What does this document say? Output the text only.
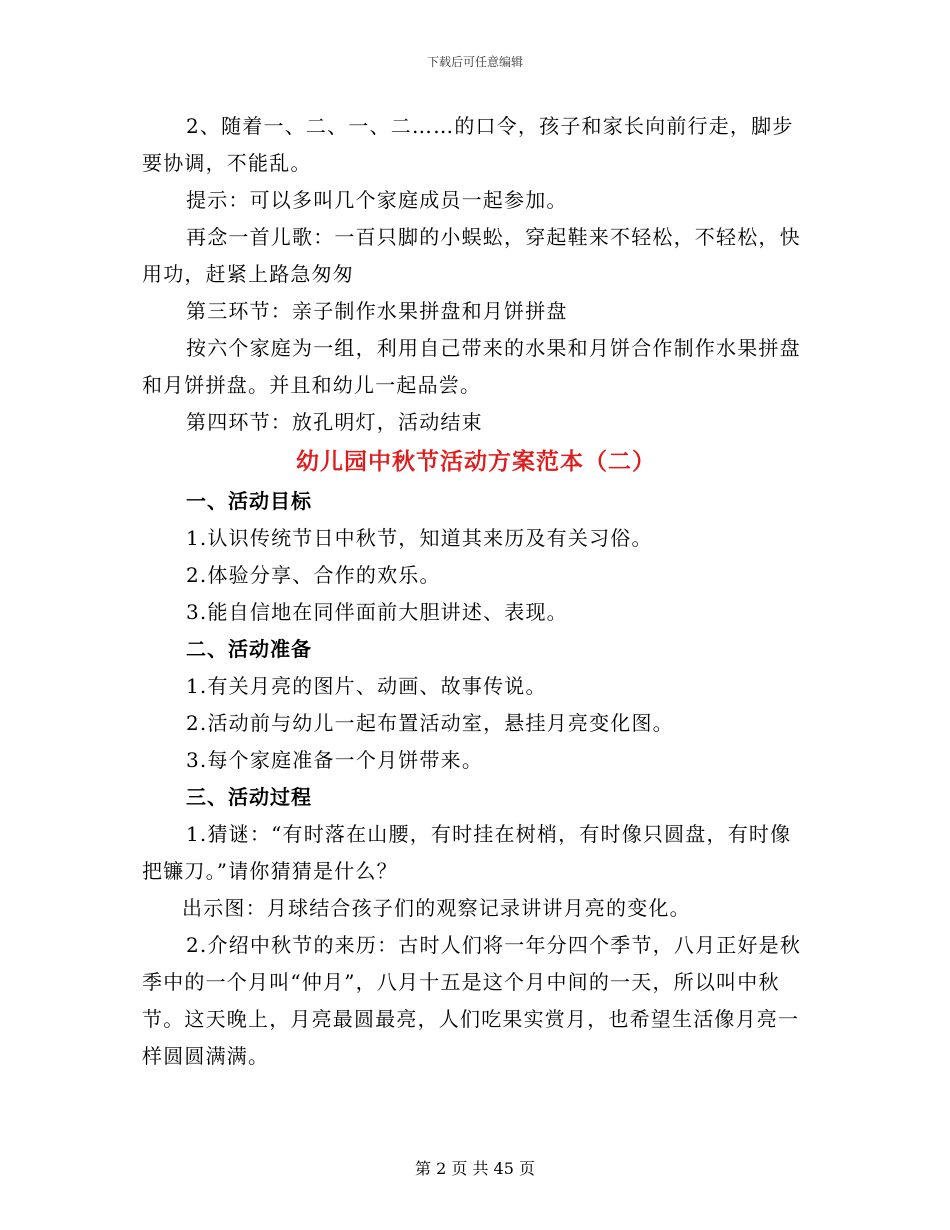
下载后可任意编辑

2、随着一、二、一、二……的口令，孩子和家长向前行走，脚步要协调，不能乱。

提示：可以多叫几个家庭成员一起参加。

再念一首儿歌：一百只脚的小蜈蚣，穿起鞋来不轻松，不轻松，快用功，赶紧上路急匆匆

第三环节：亲子制作水果拼盘和月饼拼盘

按六个家庭为一组，利用自己带来的水果和月饼合作制作水果拼盘和月饼拼盘。并且和幼儿一起品尝。

第四环节：放孔明灯，活动结束

幼儿园中秋节活动方案范本（二）
一、活动目标

1.认识传统节日中秋节，知道其来历及有关习俗。

2.体验分享、合作的欢乐。

3.能自信地在同伴面前大胆讲述、表现。

二、活动准备

1.有关月亮的图片、动画、故事传说。

2.活动前与幼儿一起布置活动室，悬挂月亮变化图。

3.每个家庭准备一个月饼带来。

三、活动过程

1.猜谜：“有时落在山腰，有时挂在树梢，有时像只圆盘，有时像把镰刀。”请你猜猜是什么？

出示图：月球结合孩子们的观察记录讲讲月亮的变化。

2.介绍中秋节的来历：古时人们将一年分四个季节，八月正好是秋季中的一个月叫“仲月”，八月十五是这个月中间的一天，所以叫中秋节。这天晚上，月亮最圆最亮，人们吃果实赏月，也希望生活像月亮一样圆圆满满。

第 2 页 共 45 页
